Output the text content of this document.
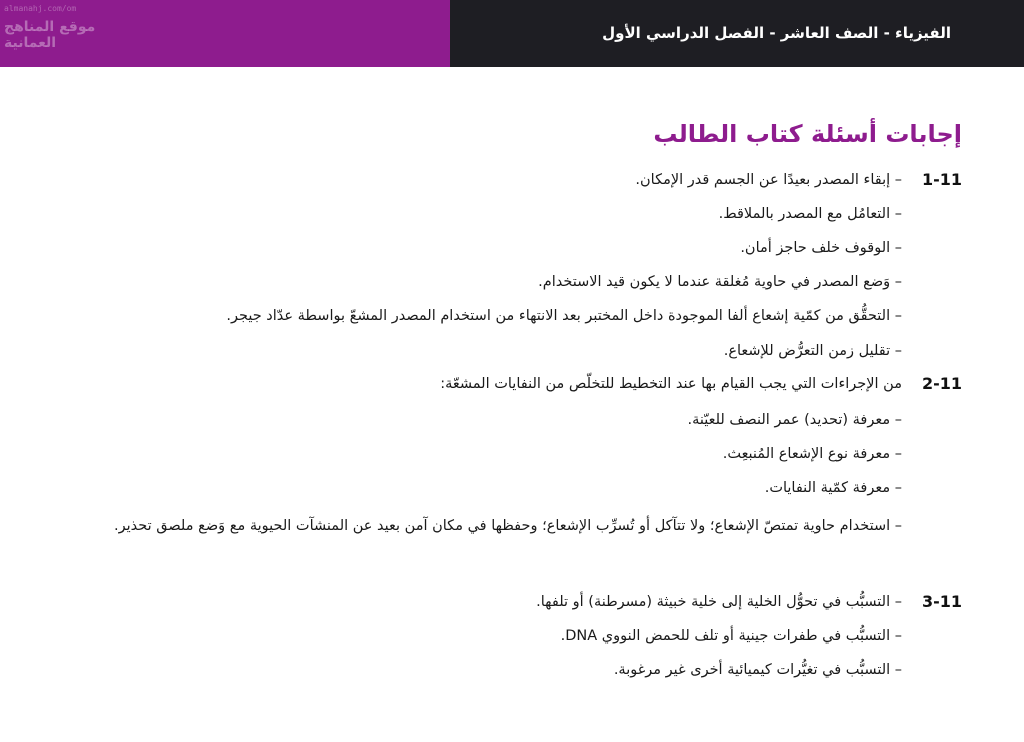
almanahj.com/om
موقع المناهج العمانية
الفيزياء - الصف العاشر - الفصل الدراسي الأول
إجابات أسئلة كتاب الطالب
1-11
– إبقاء المصدر بعيدًا عن الجسم قدر الإمكان.
– التعامُل مع المصدر بالملاقط.
– الوقوف خلف حاجز أمان.
– وَضع المصدر في حاوية مُغلقة عندما لا يكون قيد الاستخدام.
– التحقُّق من كمّية إشعاع ألفا الموجودة داخل المختبر بعد الانتهاء من استخدام المصدر المشعّ بواسطة عدّاد جيجر.
– تقليل زمن التعرُّض للإشعاع.
2-11
من الإجراءات التي يجب القيام بها عند التخطيط للتخلّص من النفايات المشعّة:
– معرفة (تحديد) عمر النصف للعيّنة.
– معرفة نوع الإشعاع المُنبعِث.
– معرفة كمّية النفايات.
– استخدام حاوية تمتصّ الإشعاع؛ ولا تتآكل أو تُسرِّب الإشعاع؛ وحفظها في مكان آمن بعيد عن المنشآت الحيوية مع وَضع ملصق تحذير.
3-11
– التسبُّب في تحوُّل الخلية إلى خلية خبيثة (مسرطنة) أو تلفها.
– التسبُّب في طفرات جينية أو تلف للحمض النووي DNA.
– التسبُّب في تغيُّرات كيميائية أخرى غير مرغوبة.
